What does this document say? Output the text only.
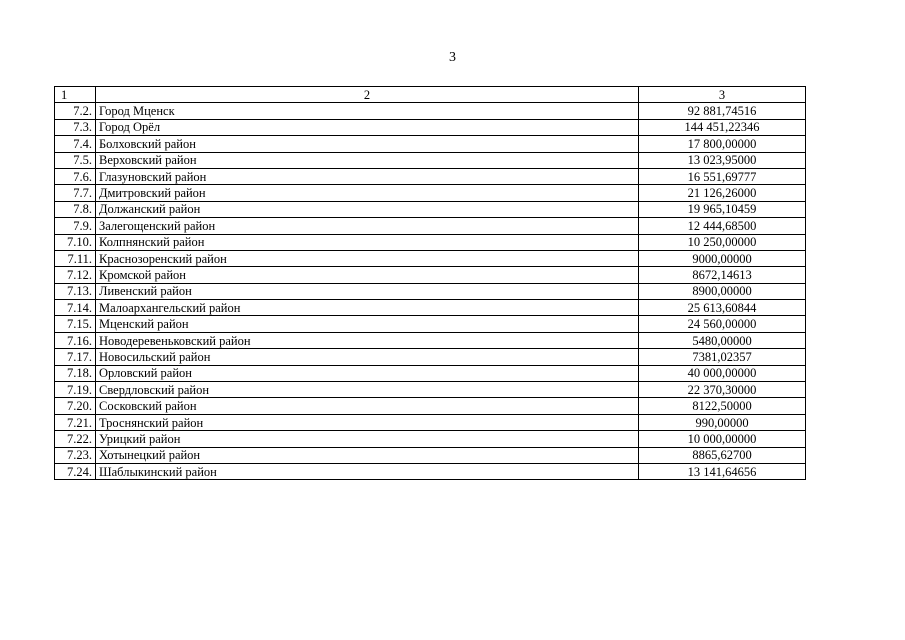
3
1	2	3
7.2.	Город Мценск	92 881,74516
7.3.	Город Орёл	144 451,22346
7.4.	Болховский район	17 800,00000
7.5.	Верховский район	13 023,95000
7.6.	Глазуновский район	16 551,69777
7.7.	Дмитровский район	21 126,26000
7.8.	Должанский район	19 965,10459
7.9.	Залегощенский район	12 444,68500
7.10.	Колпнянский район	10 250,00000
7.11.	Краснозоренский район	9000,00000
7.12.	Кромской район	8672,14613
7.13.	Ливенский район	8900,00000
7.14.	Малоархангельский район	25 613,60844
7.15.	Мценский район	24 560,00000
7.16.	Новодеревеньковский район	5480,00000
7.17.	Новосильский район	7381,02357
7.18.	Орловский район	40 000,00000
7.19.	Свердловский район	22 370,30000
7.20.	Сосковский район	8122,50000
7.21.	Троснянский район	990,00000
7.22.	Урицкий район	10 000,00000
7.23.	Хотынецкий район	8865,62700
7.24.	Шаблыкинский район	13 141,64656
